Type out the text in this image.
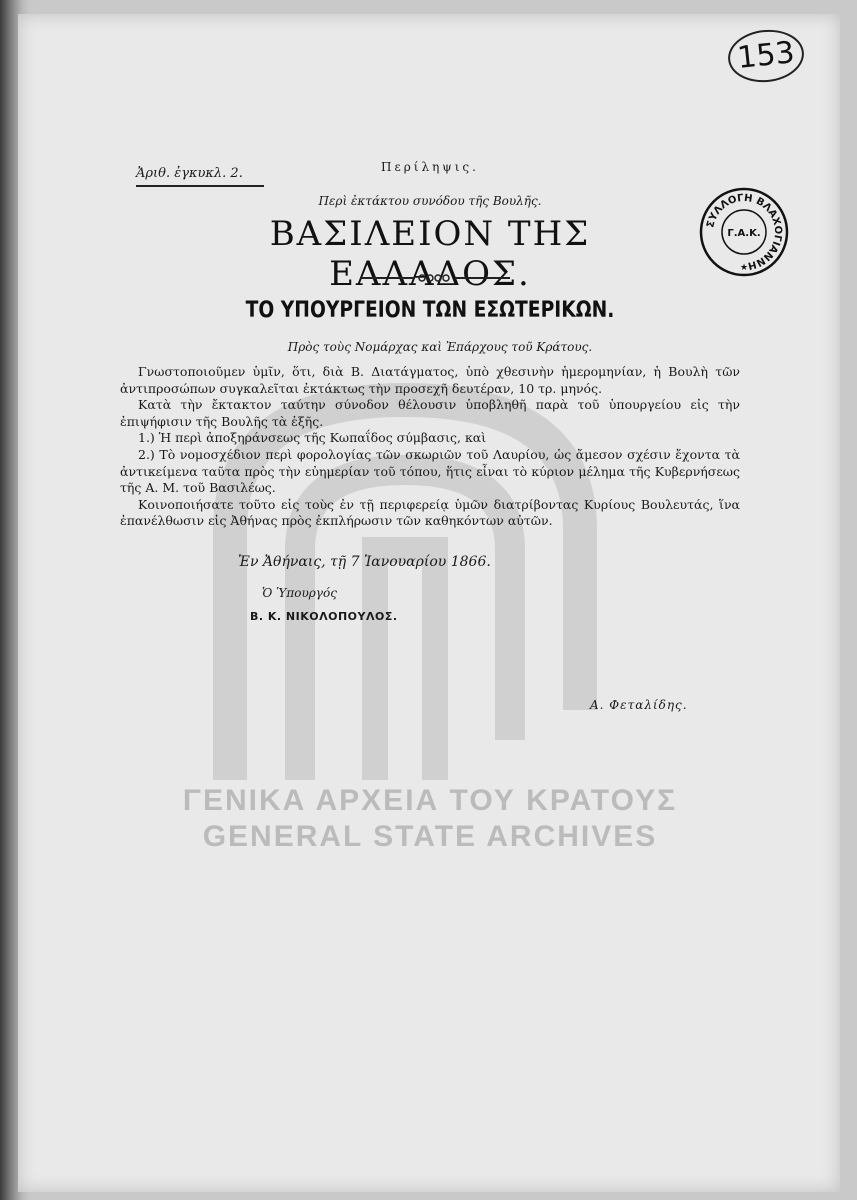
153
Ἀριθ. ἐγκυκλ. 2.	Περίληψις.
Περὶ ἐκτάκτου συνόδου τῆς Βουλῆς.
ΒΑΣΙΛΕΙΟΝ ΤΗΣ ΕΛΛΑΔΟΣ.
ΤΟ ΥΠΟΥΡΓΕΙΟΝ ΤΩΝ ΕΣΩΤΕΡΙΚΩΝ.
Πρὸς τοὺς Νομάρχας καὶ Ἐπάρχους τοῦ Κράτους.
ΣΥΛΛΟΓΗ ΒΛΑΧΟΓΙΑΝΝΗ
Γ.Α.Κ.
★

Γνωστοποιοῦμεν ὑμῖν, ὅτι, διὰ Β. Διατάγματος, ὑπὸ χθεσινὴν ἡμερομηνίαν, ἡ Βουλὴ τῶν ἀντιπροσώπων συγκαλεῖται ἐκτάκτως τὴν προσεχῆ δευτέραν, 10 τρ. μηνός.

Κατὰ τὴν ἔκτακτον ταύτην σύνοδον θέλουσιν ὑποβληθῆ παρὰ τοῦ ὑπουργείου εἰς τὴν ἐπιψήφισιν τῆς Βουλῆς τὰ ἑξῆς.

1.) Ἡ περὶ ἀποξηράνσεως τῆς Κωπαΐδος σύμβασις, καὶ

2.) Τὸ νομοσχέδιον περὶ φορολογίας τῶν σκωριῶν τοῦ Λαυρίου, ὡς ἄμεσον σχέσιν ἔχοντα τὰ ἀντικείμενα ταῦτα πρὸς τὴν εὐημερίαν τοῦ τόπου, ἥτις εἶναι τὸ κύριον μέλημα τῆς Κυβερνήσεως τῆς Α. Μ. τοῦ Βασιλέως.

Κοινοποιήσατε τοῦτο εἰς τοὺς ἐν τῇ περιφερείᾳ ὑμῶν διατρίβοντας Κυρίους Βουλευτάς, ἵνα ἐπανέλθωσιν εἰς Ἀθήνας πρὸς ἐκπλήρωσιν τῶν καθηκόντων αὐτῶν.

Ἐν Ἀθήναις, τῇ 7 Ἰανουαρίου 1866.
Ὁ Ὑπουργός
Β. Κ. ΝΙΚΟΛΟΠΟΥΛΟΣ.
Α. Φεταλίδης.
ΓΕΝΙΚΑ ΑΡΧΕΙΑ ΤΟΥ ΚΡΑΤΟΥΣ
GENERAL STATE ARCHIVES
